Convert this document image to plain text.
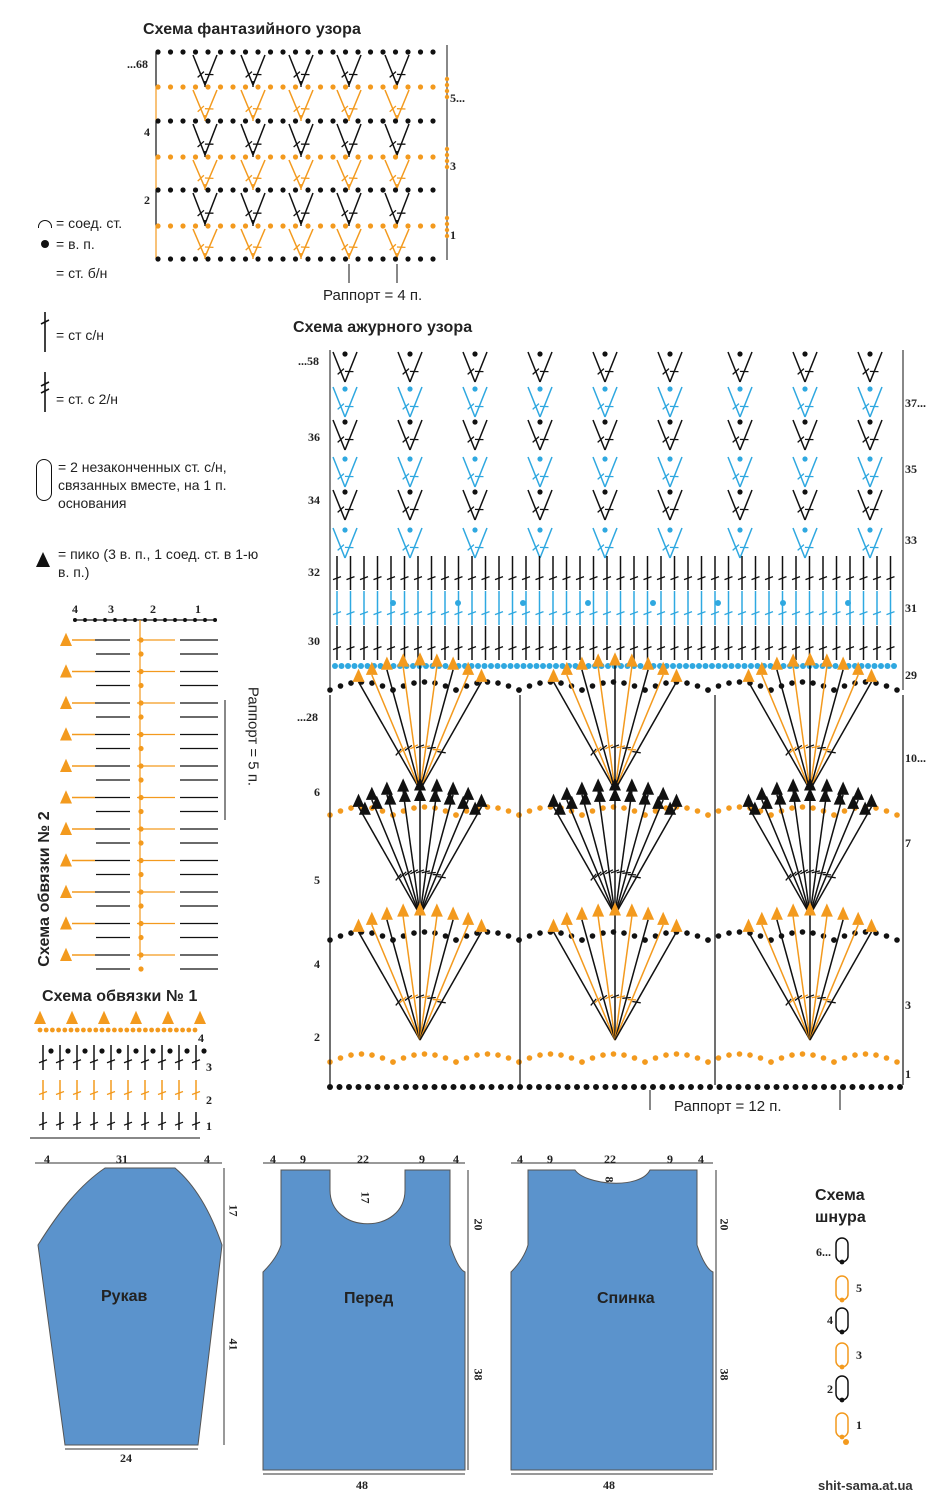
Схема фантазийного узора
...68
4
2
5...
3
1
Раппорт = 4 п.
= соед. ст.
= в. п.
= ст. б/н
= ст с/н
= ст. с 2/н
= 2 незаконченных ст. с/н, связанных вместе, на 1 п. основания
= пико (3 в. п., 1 соед. ст. в 1-ю в. п.)
Схема ажурного узора
...58
36
34
32
30
...28
6
5
4
2
37...
35
33
31
29
10...
7
3
1
Раппорт = 12 п.
4	3	2	1
Схема обвязки № 2
Раппорт = 5 п.
Схема обвязки № 1
4
3
2
1
Рукав	Перед	Спинка
4	31	4
17
41
24
4 9	22	9 4
17
20
38
48
4 9	22	9 4
8
20
38
48
Схема
шнура
6...
5
4
3
2
1
shit-sama.at.ua
